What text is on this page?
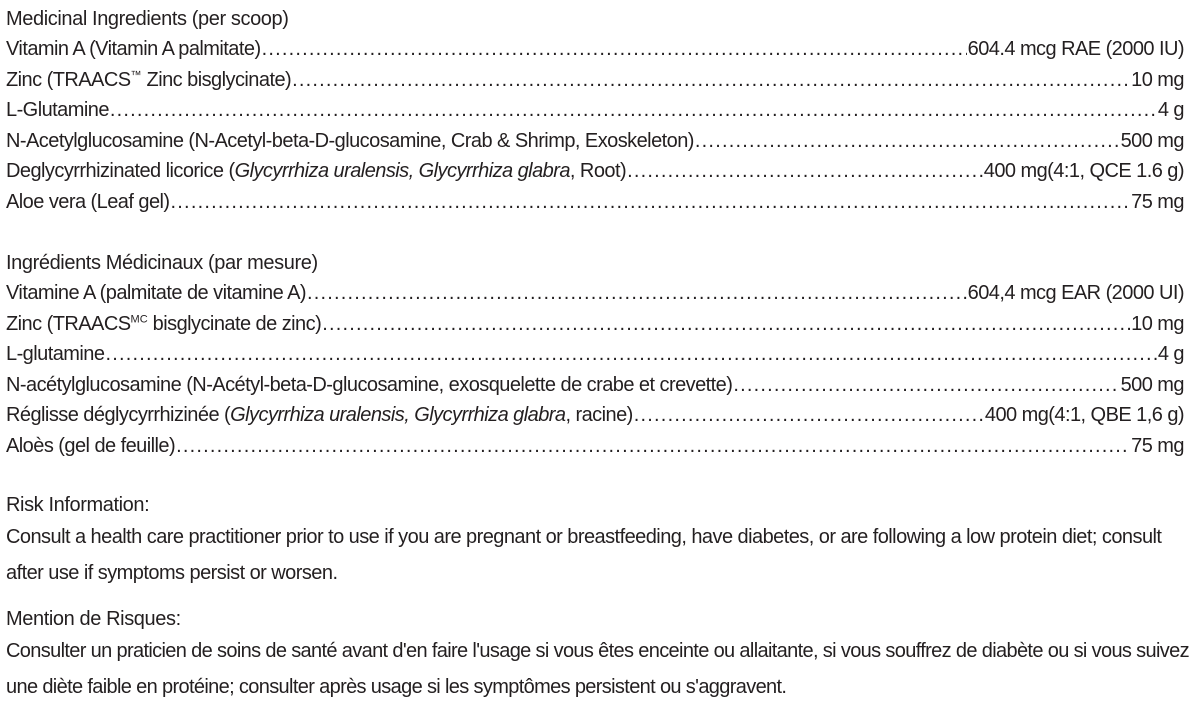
Medicinal Ingredients (per scoop)
Vitamin A (Vitamin A palmitate) .....	604.4 mcg RAE (2000 IU)
Zinc (TRAACS™ Zinc bisglycinate) .....	10 mg
L-Glutamine .....	4 g
N-Acetylglucosamine (N-Acetyl-beta-D-glucosamine, Crab & Shrimp, Exoskeleton) .....	500 mg
Deglycyrrhizinated licorice (Glycyrrhiza uralensis, Glycyrrhiza glabra, Root) .....	400 mg(4:1, QCE 1.6 g)
Aloe vera (Leaf gel) .....	75 mg
Ingrédients Médicinaux (par mesure)
Vitamine A (palmitate de vitamine A) .....	604,4 mcg EAR (2000 UI)
Zinc ($TRAACS^{MC}$ bisglycinate de zinc) .....	10 mg
L-glutamine .....	4 g
N-acétylglucosamine (N-Acétyl-beta-D-glucosamine, exosquelette de crabe et crevette) .....	500 mg
Réglisse déglycyrrhizinée (Glycyrrhiza uralensis, Glycyrrhiza glabra, racine) .....	400 mg(4:1, QBE 1,6 g)
Aloès (gel de feuille) .....	75 mg
Risk Information:

Consult a health care practitioner prior to use if you are pregnant or breastfeeding, have diabetes, or are following a low protein diet; consult after use if symptoms persist or worsen.

Mention de Risques:

Consulter un praticien de soins de santé avant d'en faire l'usage si vous êtes enceinte ou allaitante, si vous souffrez de diabète ou si vous suivez une diète faible en protéine; consulter après usage si les symptômes persistent ou s'aggravent.
